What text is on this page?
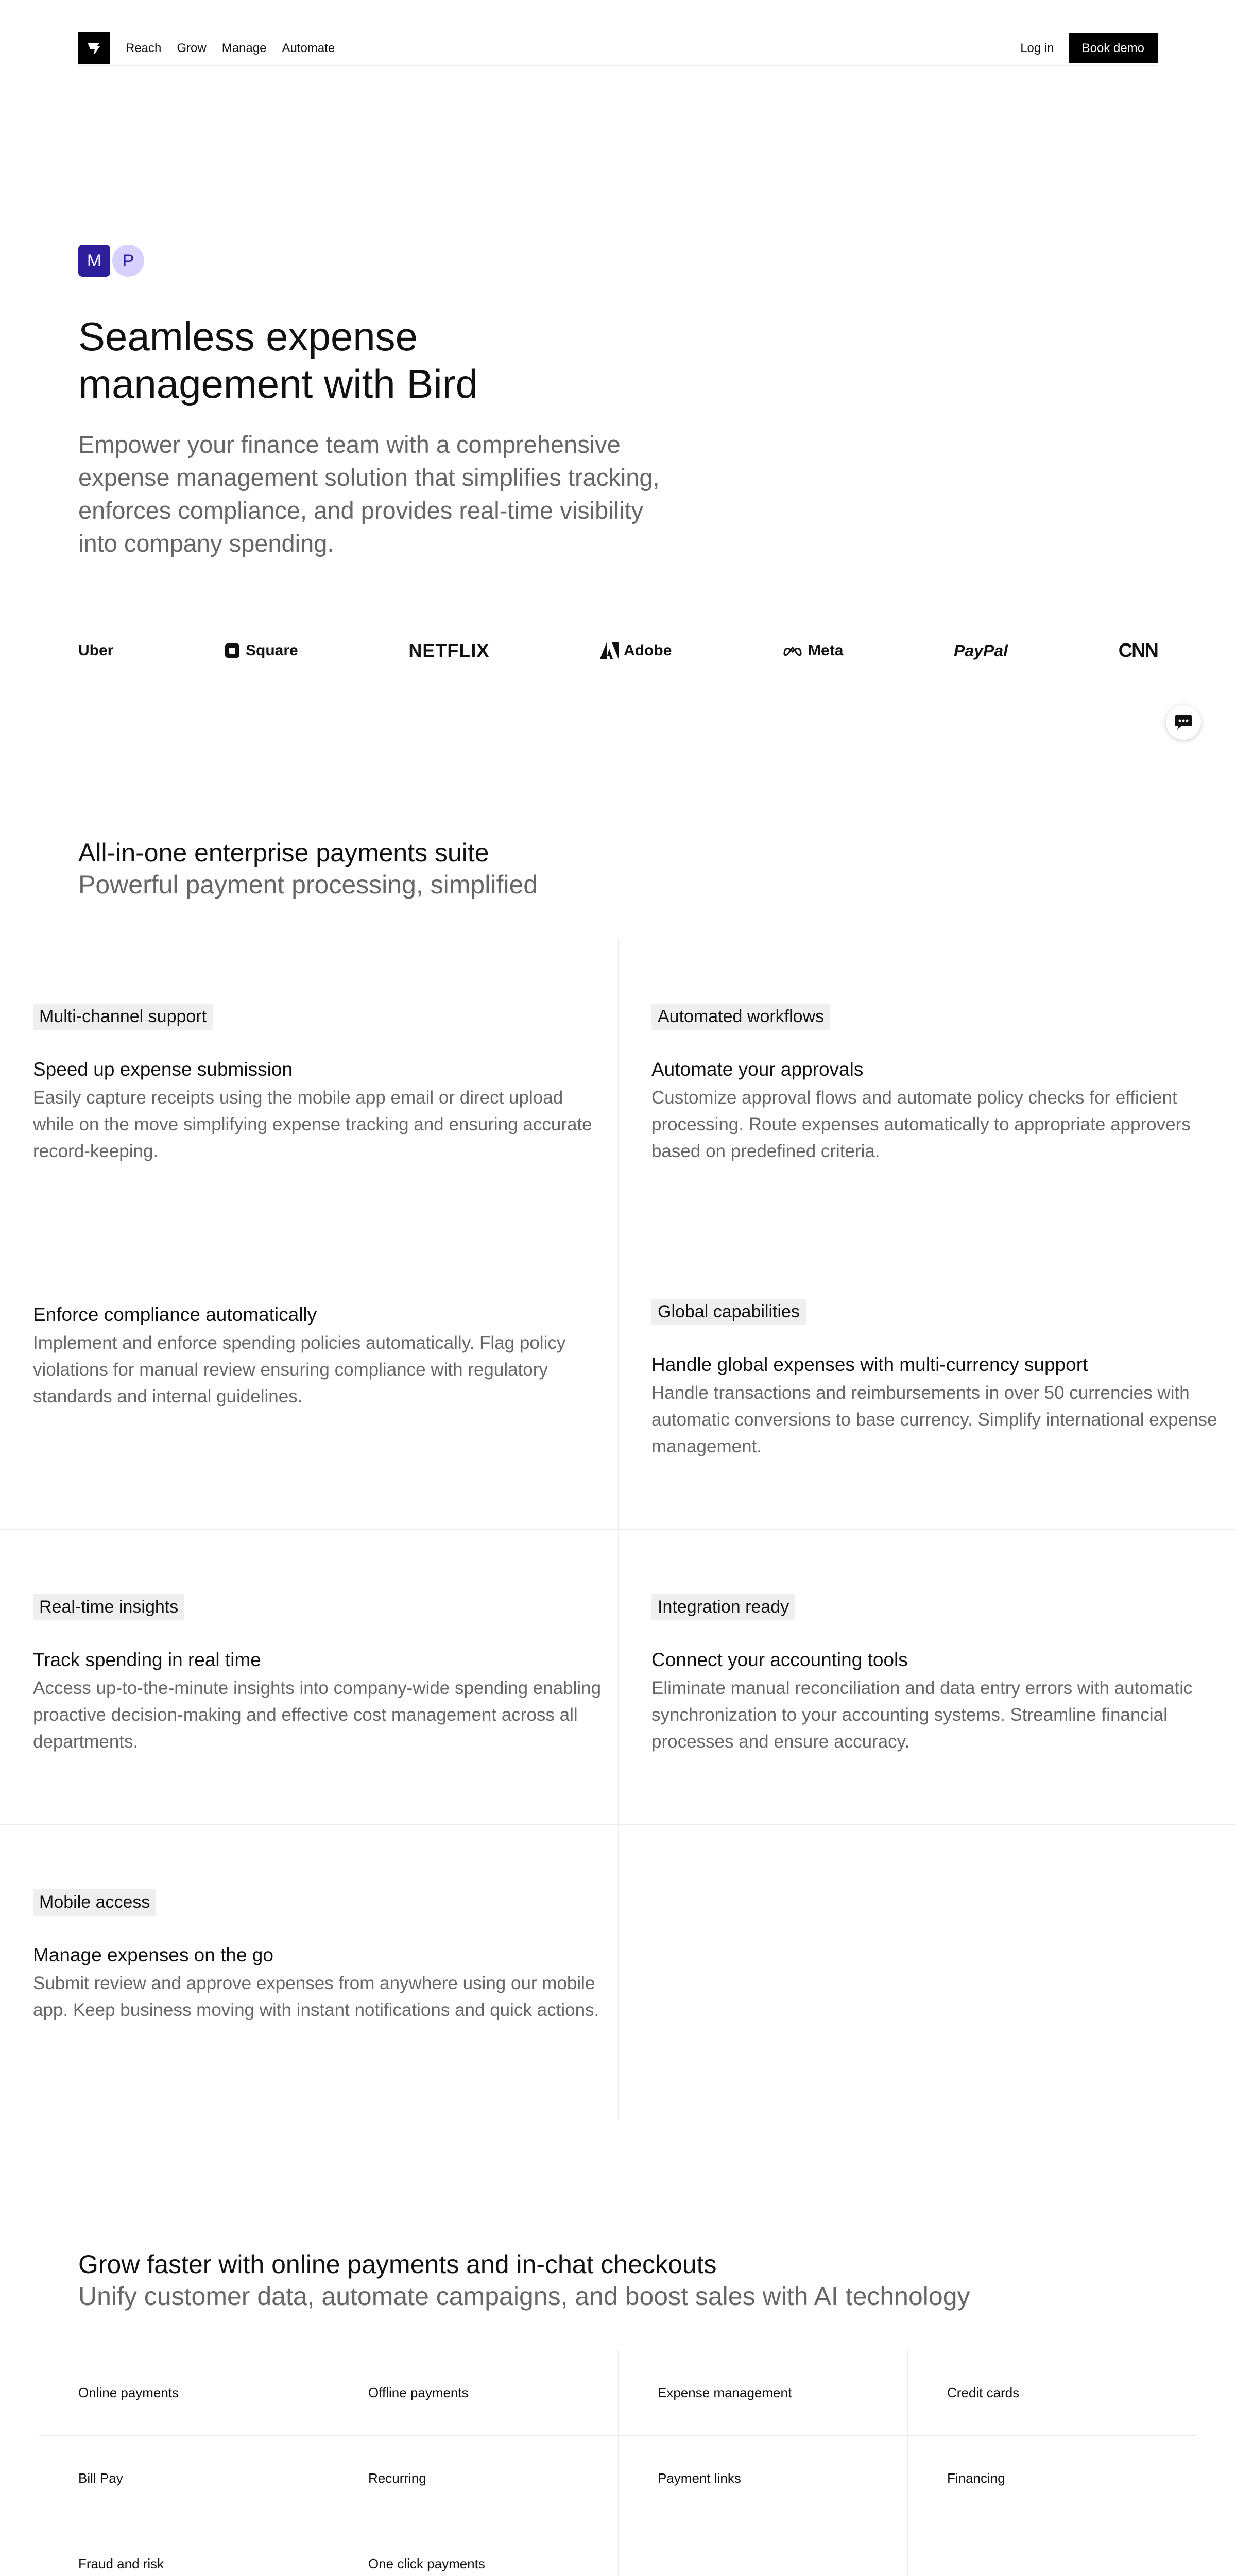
Reach Grow Manage Automate	Log in	Book demo
M	P
Seamless expense management with Bird

Empower your finance team with a comprehensive expense management solution that simplifies tracking, enforces compliance, and provides real-time visibility into company spending.

Uber	Square	NETFLIX	Adobe	Meta	PayPal	CNN
All-in-one enterprise payments suite
Powerful payment processing, simplified
Multi-channel support
Speed up expense submission
Easily capture receipts using the mobile app email or direct upload while on the move simplifying expense tracking and ensuring accurate record-keeping.
Automated workflows
Automate your approvals
Customize approval flows and automate policy checks for efficient processing. Route expenses automatically to appropriate approvers based on predefined criteria.
Enforce compliance automatically
Implement and enforce spending policies automatically. Flag policy violations for manual review ensuring compliance with regulatory standards and internal guidelines.
Global capabilities
Handle global expenses with multi-currency support
Handle transactions and reimbursements in over 50 currencies with automatic conversions to base currency. Simplify international expense management.
Real-time insights
Track spending in real time
Access up-to-the-minute insights into company-wide spending enabling proactive decision-making and effective cost management across all departments.
Integration ready
Connect your accounting tools
Eliminate manual reconciliation and data entry errors with automatic synchronization to your accounting systems. Streamline financial processes and ensure accuracy.
Mobile access
Manage expenses on the go
Submit review and approve expenses from anywhere using our mobile app. Keep business moving with instant notifications and quick actions.
Grow faster with online payments and in-chat checkouts
Unify customer data, automate campaigns, and boost sales with AI technology
Online payments	Offline payments	Expense management	Credit cards
Bill Pay	Recurring	Payment links	Financing
Fraud and risk	One click payments
